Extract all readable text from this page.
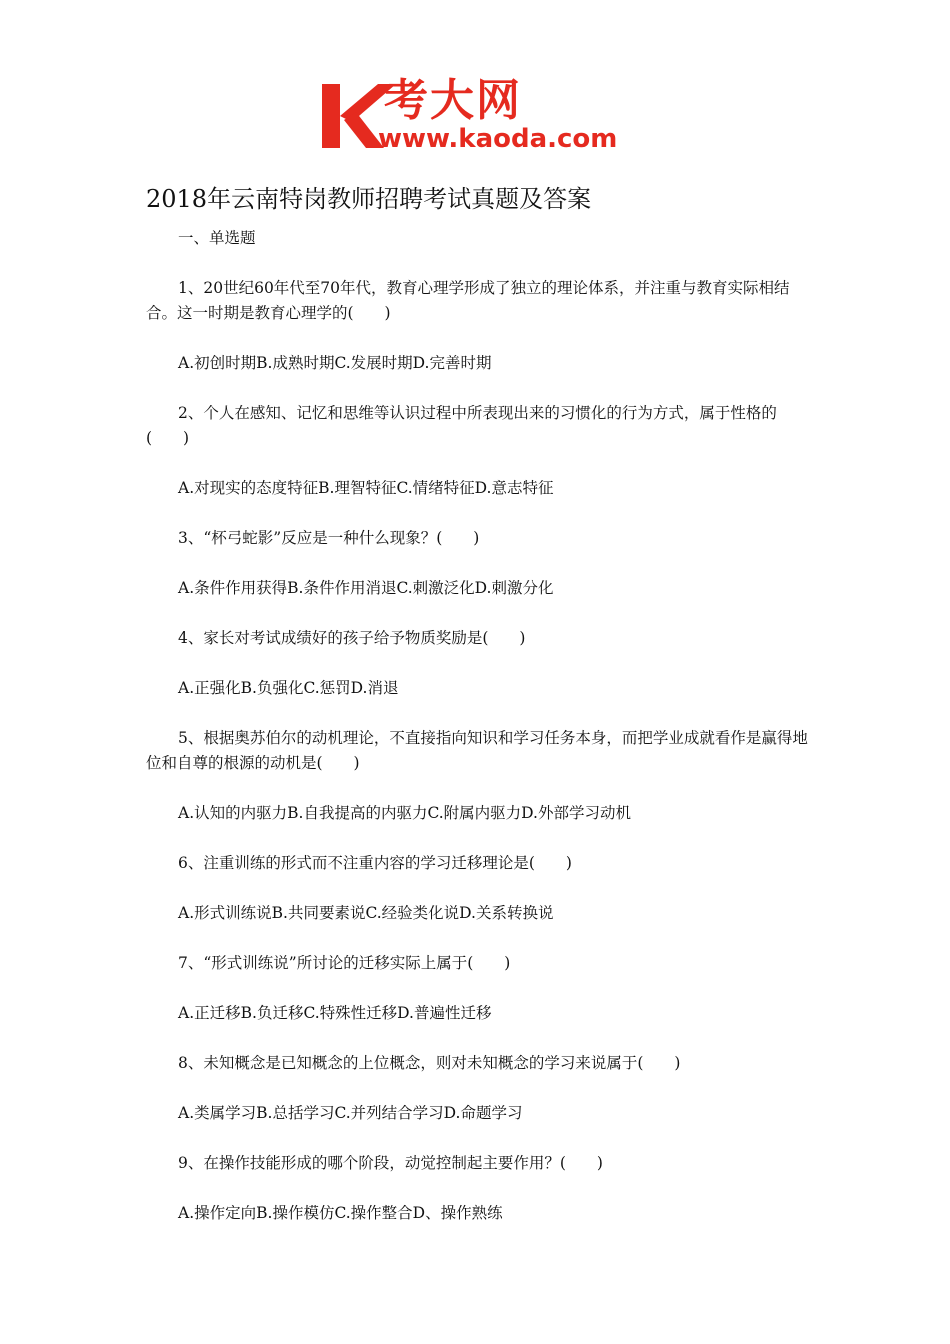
考大网
www.kaoda.com
2018年云南特岗教师招聘考试真题及答案

一、单选题

1、20世纪60年代至70年代，教育心理学形成了独立的理论体系，并注重与教育实际相结合。这一时期是教育心理学的(　　)

A.初创时期B.成熟时期C.发展时期D.完善时期

2、个人在感知、记忆和思维等认识过程中所表现出来的习惯化的行为方式，属于性格的(　　)

A.对现实的态度特征B.理智特征C.情绪特征D.意志特征

3、“杯弓蛇影”反应是一种什么现象？(　　)

A.条件作用获得B.条件作用消退C.刺激泛化D.刺激分化

4、家长对考试成绩好的孩子给予物质奖励是(　　)

A.正强化B.负强化C.惩罚D.消退

5、根据奥苏伯尔的动机理论，不直接指向知识和学习任务本身，而把学业成就看作是赢得地位和自尊的根源的动机是(　　)

A.认知的内驱力B.自我提高的内驱力C.附属内驱力D.外部学习动机

6、注重训练的形式而不注重内容的学习迁移理论是(　　)

A.形式训练说B.共同要素说C.经验类化说D.关系转换说

7、“形式训练说”所讨论的迁移实际上属于(　　)

A.正迁移B.负迁移C.特殊性迁移D.普遍性迁移

8、未知概念是已知概念的上位概念，则对未知概念的学习来说属于(　　)

A.类属学习B.总括学习C.并列结合学习D.命题学习

9、在操作技能形成的哪个阶段，动觉控制起主要作用？(　　)

A.操作定向B.操作模仿C.操作整合D、操作熟练
